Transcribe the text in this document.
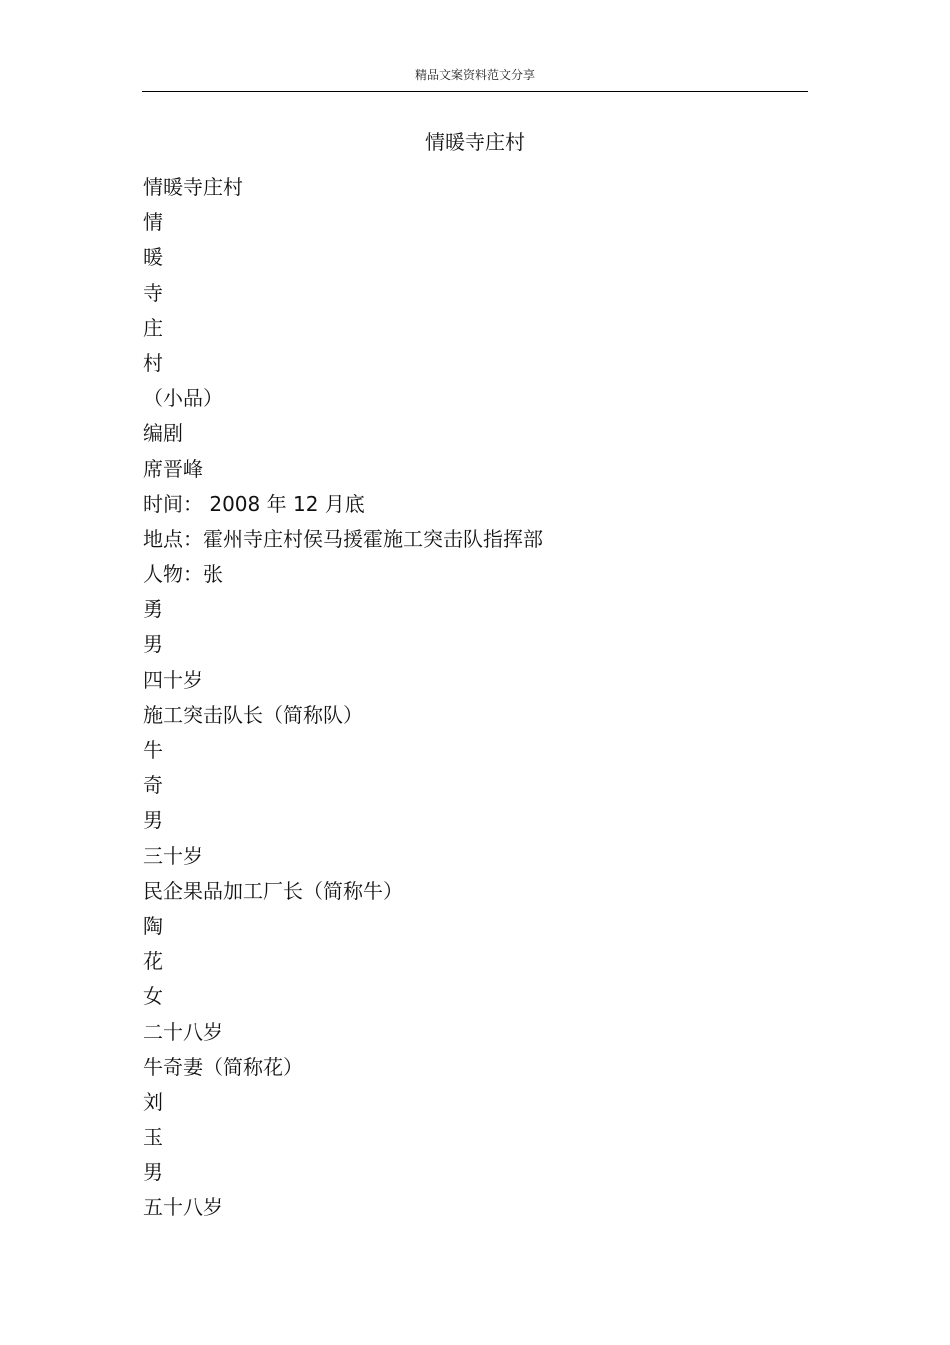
精品文案资料范文分享
情暖寺庄村
情暖寺庄村
情
暖
寺
庄
村
（小品）
编剧
席晋峰
时间： 2008 年 12 月底
地点：霍州寺庄村侯马援霍施工突击队指挥部
人物：张
勇
男
四十岁
施工突击队长（简称队）
牛
奇
男
三十岁
民企果品加工厂长（简称牛）
陶
花
女
二十八岁
牛奇妻（简称花）
刘
玉
男
五十八岁
